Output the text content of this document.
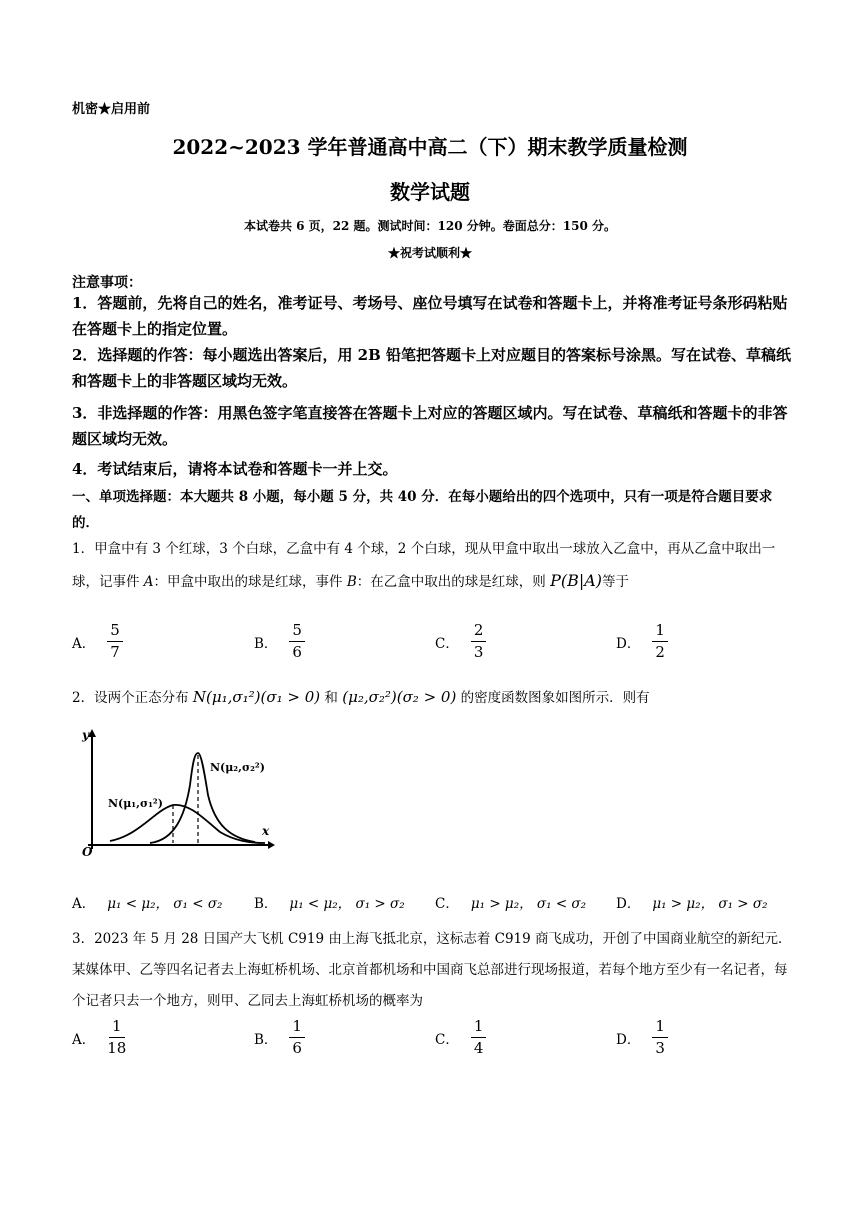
机密★启用前
2022~2023 学年普通高中高二（下）期末教学质量检测
数学试题
本试卷共 6 页，22 题。测试时间：120 分钟。卷面总分：150 分。
★祝考试顺利★
注意事项：
1．答题前，先将自己的姓名，准考证号、考场号、座位号填写在试卷和答题卡上，并将准考证号条形码粘贴在答题卡上的指定位置。
2．选择题的作答：每小题选出答案后，用 2B 铅笔把答题卡上对应题目的答案标号涂黑。写在试卷、草稿纸和答题卡上的非答题区域均无效。
3．非选择题的作答：用黑色签字笔直接答在答题卡上对应的答题区域内。写在试卷、草稿纸和答题卡的非答题区域均无效。
4．考试结束后，请将本试卷和答题卡一并上交。
一、单项选择题：本大题共 8 小题，每小题 5 分，共 40 分．在每小题给出的四个选项中，只有一项是符合题目要求的．
1．甲盒中有 3 个红球，3 个白球，乙盒中有 4 个球，2 个白球，现从甲盒中取出一球放入乙盒中，再从乙盒中取出一球，记事件 A：甲盒中取出的球是红球，事件 B：在乙盒中取出的球是红球，则 P(B|A)等于
A． $\frac{5}{7}$	B． $\frac{5}{6}$	C． $\frac{2}{3}$	D． $\frac{1}{2}$
2．设两个正态分布 N(μ₁,σ₁²)(σ₁ > 0) 和 (μ₂,σ₂²)(σ₂ > 0) 的密度函数图象如图所示．则有
y
x
O
N(μ₁,σ₁²)
N(μ₂,σ₂²)
A． μ₁ < μ₂， σ₁ < σ₂ B． μ₁ < μ₂， σ₁ > σ₂ C． μ₁ > μ₂， σ₁ < σ₂ D． μ₁ > μ₂， σ₁ > σ₂
3．2023 年 5 月 28 日国产大飞机 C919 由上海飞抵北京，这标志着 C919 商飞成功，开创了中国商业航空的新纪元．某媒体甲、乙等四名记者去上海虹桥机场、北京首都机场和中国商飞总部进行现场报道，若每个地方至少有一名记者，每个记者只去一个地方，则甲、乙同去上海虹桥机场的概率为
A． $\frac{1}{18}$	B． $\frac{1}{6}$	C． $\frac{1}{4}$	D． $\frac{1}{3}$
